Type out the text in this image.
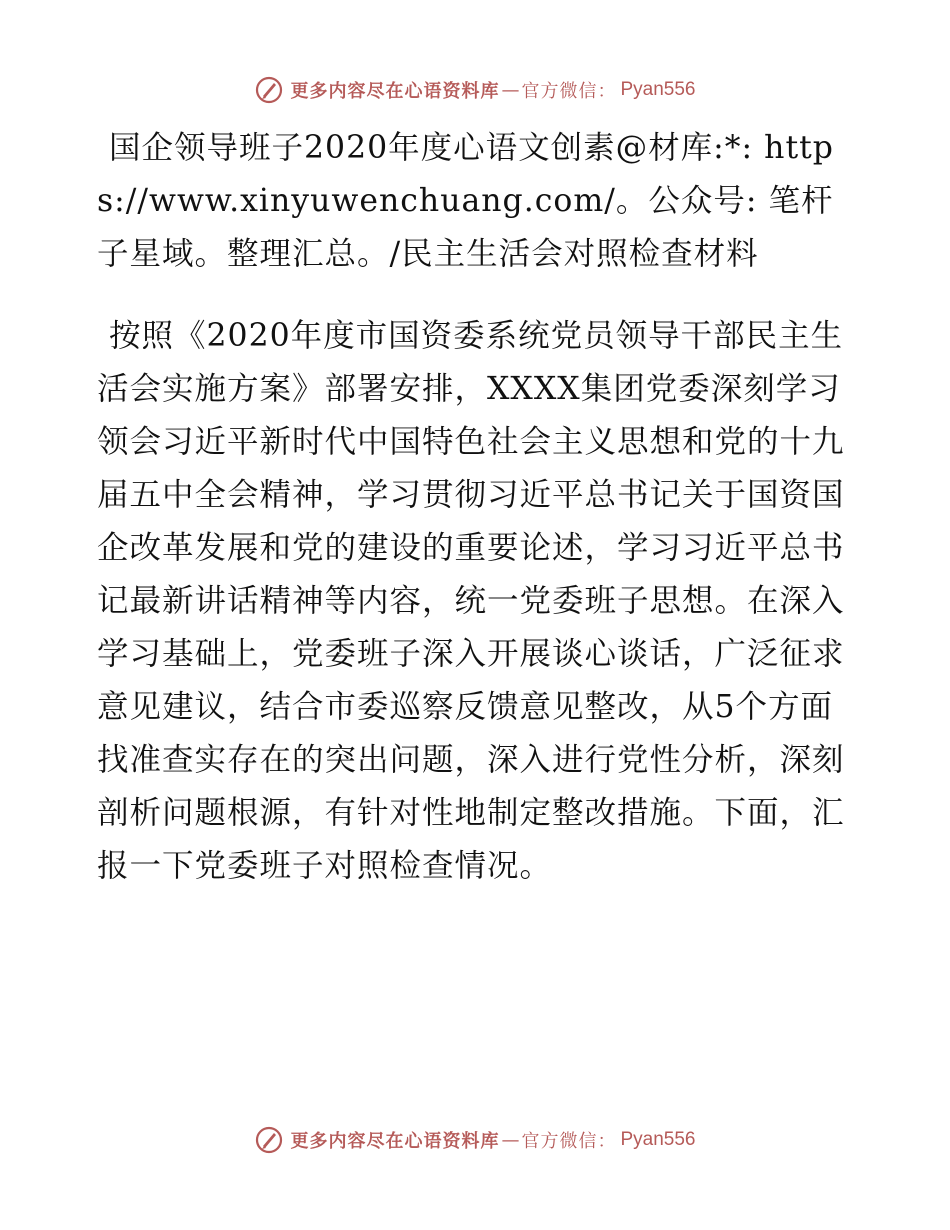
更多内容尽在心语资料库 — 官方微信： Pyan556

国企领导班子2020年度心语文创素@材库:*: https://www.xinyuwenchuang.com/。公众号: 笔杆子星域。整理汇总。/民主生活会对照检查材料

按照《2020年度市国资委系统党员领导干部民主生活会实施方案》部署安排，XXXX集团党委深刻学习领会习近平新时代中国特色社会主义思想和党的十九届五中全会精神，学习贯彻习近平总书记关于国资国企改革发展和党的建设的重要论述，学习习近平总书记最新讲话精神等内容，统一党委班子思想。在深入学习基础上，党委班子深入开展谈心谈话，广泛征求意见建议，结合市委巡察反馈意见整改，从5个方面找准查实存在的突出问题，深入进行党性分析，深刻剖析问题根源，有针对性地制定整改措施。下面，汇报一下党委班子对照检查情况。

更多内容尽在心语资料库 — 官方微信： Pyan556
